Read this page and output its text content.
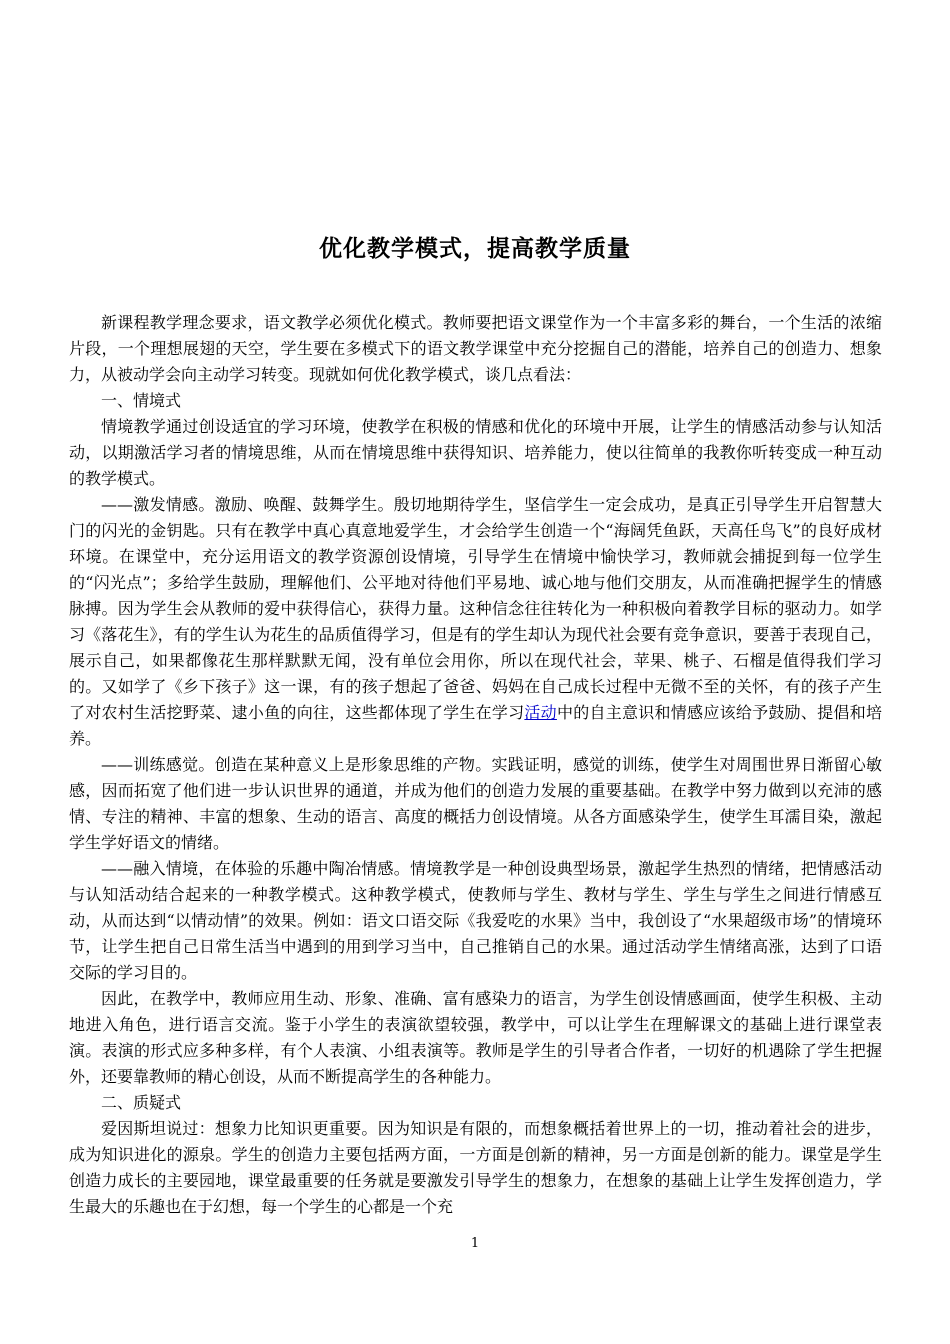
优化教学模式，提高教学质量

新课程教学理念要求，语文教学必须优化模式。教师要把语文课堂作为一个丰富多彩的舞台，一个生活的浓缩片段，一个理想展翅的天空，学生要在多模式下的语文教学课堂中充分挖掘自己的潜能，培养自己的创造力、想象力，从被动学会向主动学习转变。现就如何优化教学模式，谈几点看法：

一、情境式

情境教学通过创设适宜的学习环境，使教学在积极的情感和优化的环境中开展，让学生的情感活动参与认知活动，以期激活学习者的情境思维，从而在情境思维中获得知识、培养能力，使以往简单的我教你听转变成一种互动的教学模式。

——激发情感。激励、唤醒、鼓舞学生。殷切地期待学生，坚信学生一定会成功，是真正引导学生开启智慧大门的闪光的金钥匙。只有在教学中真心真意地爱学生，才会给学生创造一个“海阔凭鱼跃，天高任鸟飞”的良好成材环境。在课堂中，充分运用语文的教学资源创设情境，引导学生在情境中愉快学习，教师就会捕捉到每一位学生的“闪光点”；多给学生鼓励，理解他们、公平地对待他们平易地、诚心地与他们交朋友，从而准确把握学生的情感脉搏。因为学生会从教师的爱中获得信心，获得力量。这种信念往往转化为一种积极向着教学目标的驱动力。如学习《落花生》，有的学生认为花生的品质值得学习，但是有的学生却认为现代社会要有竞争意识，要善于表现自己，展示自己，如果都像花生那样默默无闻，没有单位会用你，所以在现代社会，苹果、桃子、石榴是值得我们学习的。又如学了《乡下孩子》这一课，有的孩子想起了爸爸、妈妈在自己成长过程中无微不至的关怀，有的孩子产生了对农村生活挖野菜、逮小鱼的向往，这些都体现了学生在学习活动中的自主意识和情感应该给予鼓励、提倡和培养。

——训练感觉。创造在某种意义上是形象思维的产物。实践证明，感觉的训练，使学生对周围世界日渐留心敏感，因而拓宽了他们进一步认识世界的通道，并成为他们的创造力发展的重要基础。在教学中努力做到以充沛的感情、专注的精神、丰富的想象、生动的语言、高度的概括力创设情境。从各方面感染学生，使学生耳濡目染，激起学生学好语文的情绪。

——融入情境，在体验的乐趣中陶冶情感。情境教学是一种创设典型场景，激起学生热烈的情绪，把情感活动与认知活动结合起来的一种教学模式。这种教学模式，使教师与学生、教材与学生、学生与学生之间进行情感互动，从而达到“以情动情”的效果。例如：语文口语交际《我爱吃的水果》当中，我创设了“水果超级市场”的情境环节，让学生把自己日常生活当中遇到的用到学习当中，自己推销自己的水果。通过活动学生情绪高涨，达到了口语交际的学习目的。

因此，在教学中，教师应用生动、形象、准确、富有感染力的语言，为学生创设情感画面，使学生积极、主动地进入角色，进行语言交流。鉴于小学生的表演欲望较强，教学中，可以让学生在理解课文的基础上进行课堂表演。表演的形式应多种多样，有个人表演、小组表演等。教师是学生的引导者合作者，一切好的机遇除了学生把握外，还要靠教师的精心创设，从而不断提高学生的各种能力。

二、质疑式

爱因斯坦说过：想象力比知识更重要。因为知识是有限的，而想象概括着世界上的一切，推动着社会的进步，成为知识进化的源泉。学生的创造力主要包括两方面，一方面是创新的精神，另一方面是创新的能力。课堂是学生创造力成长的主要园地，课堂最重要的任务就是要激发引导学生的想象力，在想象的基础上让学生发挥创造力，学生最大的乐趣也在于幻想，每一个学生的心都是一个充

1
